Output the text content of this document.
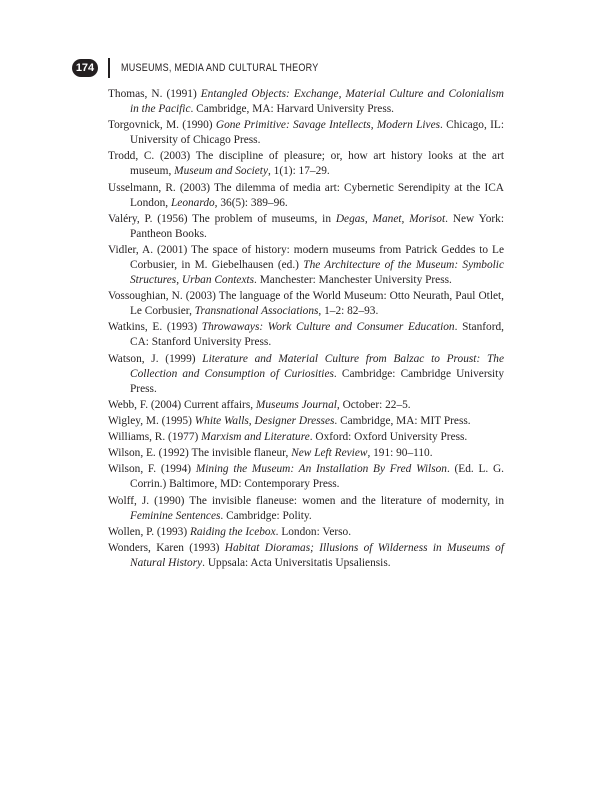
174	MUSEUMS, MEDIA AND CULTURAL THEORY
Thomas, N. (1991) Entangled Objects: Exchange, Material Culture and Colonialism in the Pacific. Cambridge, MA: Harvard University Press.
Torgovnick, M. (1990) Gone Primitive: Savage Intellects, Modern Lives. Chicago, IL: University of Chicago Press.
Trodd, C. (2003) The discipline of pleasure; or, how art history looks at the art museum, Museum and Society, 1(1): 17–29.
Usselmann, R. (2003) The dilemma of media art: Cybernetic Serendipity at the ICA London, Leonardo, 36(5): 389–96.
Valéry, P. (1956) The problem of museums, in Degas, Manet, Morisot. New York: Pantheon Books.
Vidler, A. (2001) The space of history: modern museums from Patrick Geddes to Le Corbusier, in M. Giebelhausen (ed.) The Architecture of the Museum: Symbolic Structures, Urban Contexts. Manchester: Manchester University Press.
Vossoughian, N. (2003) The language of the World Museum: Otto Neurath, Paul Otlet, Le Corbusier, Transnational Associations, 1–2: 82–93.
Watkins, E. (1993) Throwaways: Work Culture and Consumer Education. Stanford, CA: Stanford University Press.
Watson, J. (1999) Literature and Material Culture from Balzac to Proust: The Collection and Consumption of Curiosities. Cambridge: Cambridge University Press.
Webb, F. (2004) Current affairs, Museums Journal, October: 22–5.
Wigley, M. (1995) White Walls, Designer Dresses. Cambridge, MA: MIT Press.
Williams, R. (1977) Marxism and Literature. Oxford: Oxford University Press.
Wilson, E. (1992) The invisible flaneur, New Left Review, 191: 90–110.
Wilson, F. (1994) Mining the Museum: An Installation By Fred Wilson. (Ed. L. G. Corrin.) Baltimore, MD: Contemporary Press.
Wolff, J. (1990) The invisible flaneuse: women and the literature of modernity, in Feminine Sentences. Cambridge: Polity.
Wollen, P. (1993) Raiding the Icebox. London: Verso.
Wonders, Karen (1993) Habitat Dioramas; Illusions of Wilderness in Museums of Natural History. Uppsala: Acta Universitatis Upsaliensis.
